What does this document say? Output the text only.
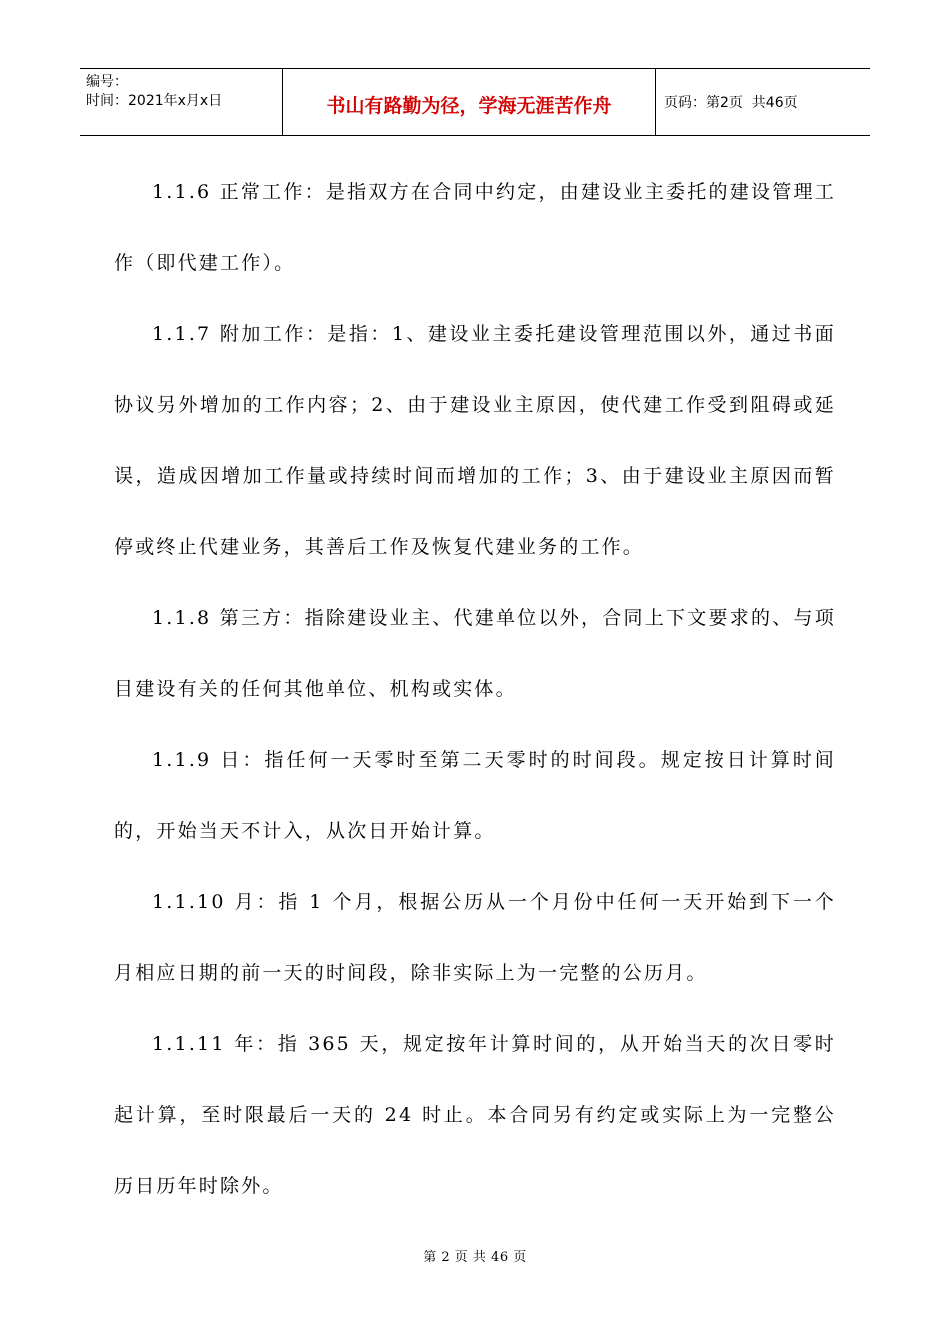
编号：
时间：2021年x月x日	书山有路勤为径，学海无涯苦作舟	页码：第2页  共46页

1.1.6 正常工作：是指双方在合同中约定，由建设业主委托的建设管理工作（即代建工作）。

1.1.7 附加工作：是指：1、建设业主委托建设管理范围以外，通过书面协议另外增加的工作内容；2、由于建设业主原因，使代建工作受到阻碍或延误，造成因增加工作量或持续时间而增加的工作；3、由于建设业主原因而暂停或终止代建业务，其善后工作及恢复代建业务的工作。

1.1.8 第三方：指除建设业主、代建单位以外，合同上下文要求的、与项目建设有关的任何其他单位、机构或实体。

1.1.9 日：指任何一天零时至第二天零时的时间段。规定按日计算时间的，开始当天不计入，从次日开始计算。

1.1.10 月：指 1 个月，根据公历从一个月份中任何一天开始到下一个月相应日期的前一天的时间段，除非实际上为一完整的公历月。

1.1.11 年：指 365 天，规定按年计算时间的，从开始当天的次日零时起计算，至时限最后一天的 24 时止。本合同另有约定或实际上为一完整公历日历年时除外。

第 2 页 共 46 页
